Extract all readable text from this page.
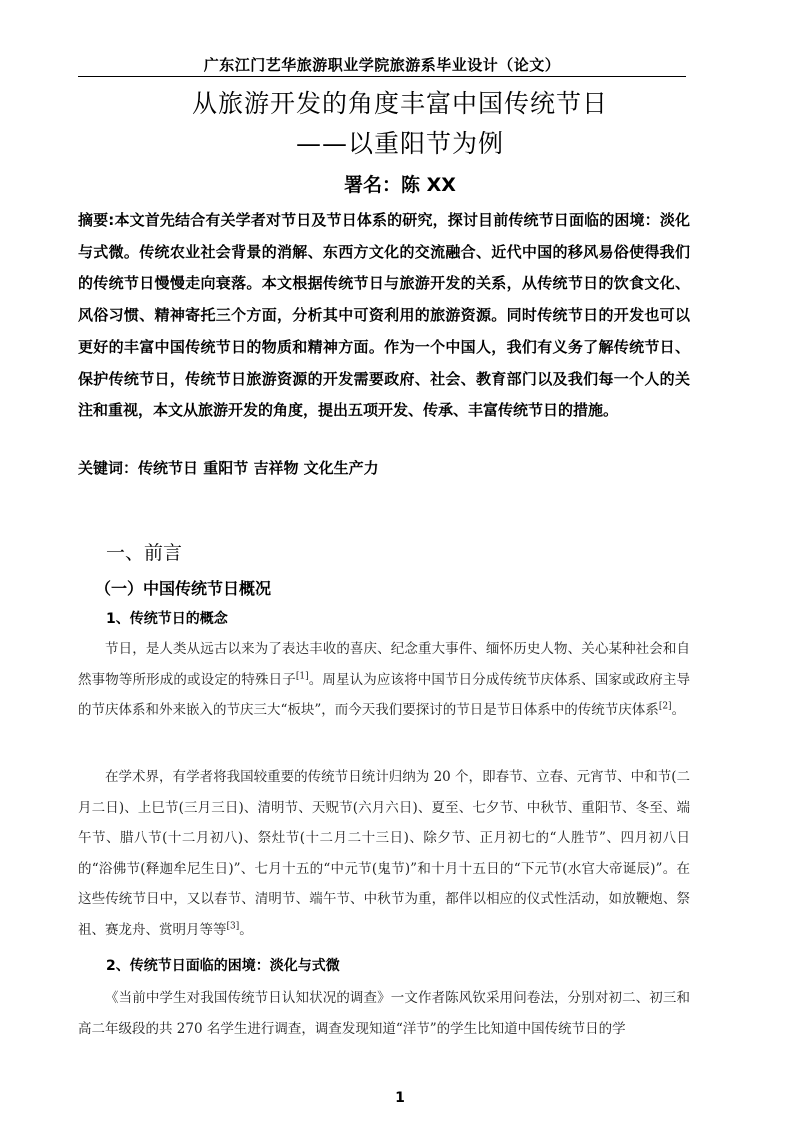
广东江门艺华旅游职业学院旅游系毕业设计（论文）
从旅游开发的角度丰富中国传统节日
——以重阳节为例
署名：陈 XX
摘要:本文首先结合有关学者对节日及节日体系的研究，探讨目前传统节日面临的困境：淡化与式微。传统农业社会背景的消解、东西方文化的交流融合、近代中国的移风易俗使得我们的传统节日慢慢走向衰落。本文根据传统节日与旅游开发的关系，从传统节日的饮食文化、风俗习惯、精神寄托三个方面，分析其中可资利用的旅游资源。同时传统节日的开发也可以更好的丰富中国传统节日的物质和精神方面。作为一个中国人，我们有义务了解传统节日、保护传统节日，传统节日旅游资源的开发需要政府、社会、教育部门以及我们每一个人的关注和重视，本文从旅游开发的角度，提出五项开发、传承、丰富传统节日的措施。
关键词：传统节日 重阳节 吉祥物 文化生产力
一、前言
（一）中国传统节日概况
1、传统节日的概念
节日，是人类从远古以来为了表达丰收的喜庆、纪念重大事件、缅怀历史人物、关心某种社会和自然事物等所形成的或设定的特殊日子[1]。周星认为应该将中国节日分成传统节庆体系、国家或政府主导的节庆体系和外来嵌入的节庆三大“板块”，而今天我们要探讨的节日是节日体系中的传统节庆体系[2]。
在学术界，有学者将我国较重要的传统节日统计归纳为 20 个，即春节、立春、元宵节、中和节(二月二日)、上巳节(三月三日)、清明节、天贶节(六月六日)、夏至、七夕节、中秋节、重阳节、冬至、端午节、腊八节(十二月初八)、祭灶节(十二月二十三日)、除夕节、正月初七的“人胜节”、四月初八日的“浴佛节(释迦牟尼生日)”、七月十五的“中元节(鬼节)”和十月十五日的“下元节(水官大帝诞辰)”。在这些传统节日中，又以春节、清明节、端午节、中秋节为重，都伴以相应的仪式性活动，如放鞭炮、祭祖、赛龙舟、赏明月等等[3]。
2、传统节日面临的困境：淡化与式微
《当前中学生对我国传统节日认知状况的调查》一文作者陈风钦采用问卷法，分别对初二、初三和高二年级段的共 270 名学生进行调查，调查发现知道“洋节”的学生比知道中国传统节日的学
1
